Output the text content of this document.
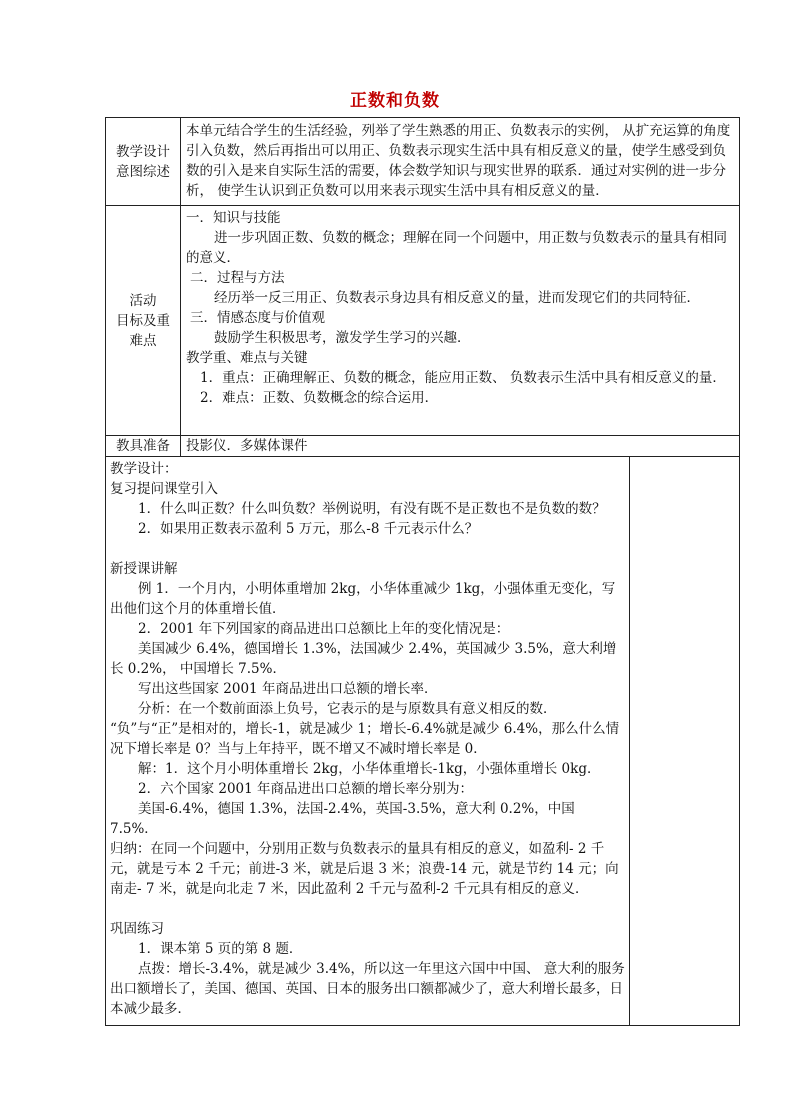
正数和负数
教学设计
意图综述

本单元结合学生的生活经验，列举了学生熟悉的用正、负数表示的实例， 从扩充运算的角度引入负数，然后再指出可以用正、负数表示现实生活中具有相反意义的量，使学生感受到负数的引入是来自实际生活的需要，体会数学知识与现实世界的联系．通过对实例的进一步分析， 使学生认识到正负数可以用来表示现实生活中具有相反意义的量．

活动
目标及重
难点

一．知识与技能

进一步巩固正数、负数的概念；理解在同一个问题中，用正数与负数表示的量具有相同的意义．

二．过程与方法

经历举一反三用正、负数表示身边具有相反意义的量，进而发现它们的共同特征．

三．情感态度与价值观

鼓励学生积极思考，激发学生学习的兴趣．

教学重、难点与关键

1．重点：正确理解正、负数的概念，能应用正数、 负数表示生活中具有相反意义的量．

2．难点：正数、负数概念的综合运用．

教具准备	投影仪．多媒体课件

教学设计：

复习提问课堂引入

1．什么叫正数？什么叫负数？举例说明，有没有既不是正数也不是负数的数？

2．如果用正数表示盈利 5 万元，那么-8 千元表示什么？

新授课讲解

例 1．一个月内，小明体重增加 2kg，小华体重减少 1kg，小强体重无变化，写出他们这个月的体重增长值．

2．2001 年下列国家的商品进出口总额比上年的变化情况是：

美国减少 6.4%，德国增长 1.3%，法国减少 2.4%，英国减少 3.5%，意大利增长 0.2%， 中国增长 7.5%．

写出这些国家 2001 年商品进出口总额的增长率．

分析：在一个数前面添上负号，它表示的是与原数具有意义相反的数． “负”与“正”是相对的，增长-1，就是减少 1；增长-6.4%就是减少 6.4%，那么什么情况下增长率是 0？当与上年持平，既不增又不减时增长率是 0．

解：1．这个月小明体重增长 2kg，小华体重增长-1kg，小强体重增长 0kg．

2．六个国家 2001 年商品进出口总额的增长率分别为：

美国-6.4%，德国 1.3%，法国-2.4%，英国-3.5%，意大利 0.2%，中国 7.5%．

归纳：在同一个问题中，分别用正数与负数表示的量具有相反的意义，如盈利- 2 千元，就是亏本 2 千元；前进-3 米，就是后退 3 米；浪费-14 元，就是节约 14 元；向南走- 7 米，就是向北走 7 米，因此盈利 2 千元与盈利-2 千元具有相反的意义．

巩固练习

1．课本第 5 页的第 8 题．

点拨：增长-3.4%，就是减少 3.4%，所以这一年里这六国中中国、 意大利的服务出口额增长了，美国、德国、英国、日本的服务出口额都减少了，意大利增长最多，日本减少最多．
